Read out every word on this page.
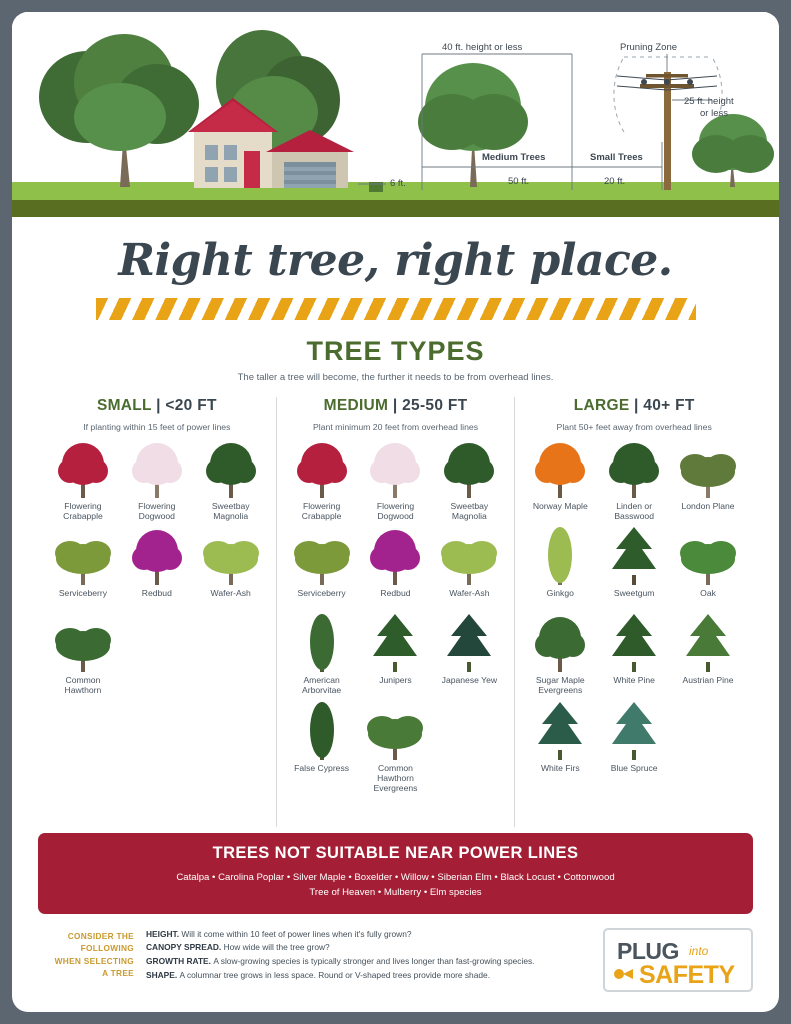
40 ft. height or less	Pruning Zone
25 ft. height
or less
Medium Trees	Small Trees
50 ft.	20 ft.
6 ft.
Right tree, right place.
TREE TYPES
The taller a tree will become, the further it needs to be from overhead lines.
SMALL | <20 FT
If planting within 15 feet of power lines
Flowering Crabapple
Flowering Dogwood
Sweetbay Magnolia
Serviceberry	Redbud	Wafer-Ash
Common Hawthorn
MEDIUM | 25-50 FT
Plant minimum 20 feet from overhead lines
Flowering Crabapple
Flowering Dogwood
Sweetbay Magnolia
Serviceberry	Redbud	Wafer-Ash
American Arborvitae
Junipers	Japanese Yew
False Cypress	Common Hawthorn Evergreens
LARGE | 40+ FT
Plant 50+ feet away from overhead lines
Norway Maple	Linden or Basswood
London Plane
Ginkgo	Sweetgum	Oak
Sugar Maple Evergreens
White Pine	Austrian Pine
White Firs	Blue Spruce
TREES NOT SUITABLE NEAR POWER LINES

Catalpa • Carolina Poplar • Silver Maple • Boxelder • Willow • Siberian Elm • Black Locust • Cottonwood

Tree of Heaven • Mulberry • Elm species

CONSIDER THE
FOLLOWING
WHEN SELECTING
A TREE
HEIGHT. Will it come within 10 feet of power lines when it's fully grown?
CANOPY SPREAD. How wide will the tree grow?
GROWTH RATE. A slow-growing species is typically stronger and lives longer than fast-growing species.
SHAPE. A columnar tree grows in less space. Round or V-shaped trees provide more shade.
PLUG into
SAFETY
